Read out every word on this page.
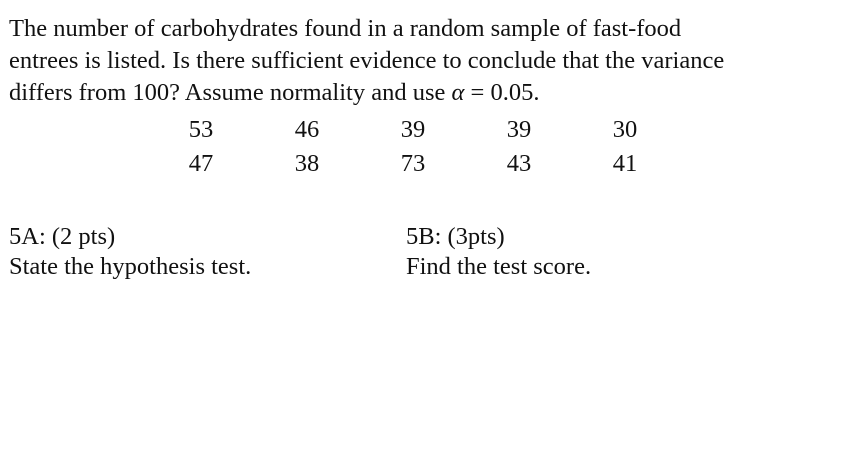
The number of carbohydrates found in a random sample of fast-food
entrees is listed. Is there sufficient evidence to conclude that the variance
differs from 100? Assume normality and use α = 0.05.
53	46	39	39	30
47	38	73	43	41
5A: (2 pts)
State the hypothesis test.
5B: (3pts)
Find the test score.
